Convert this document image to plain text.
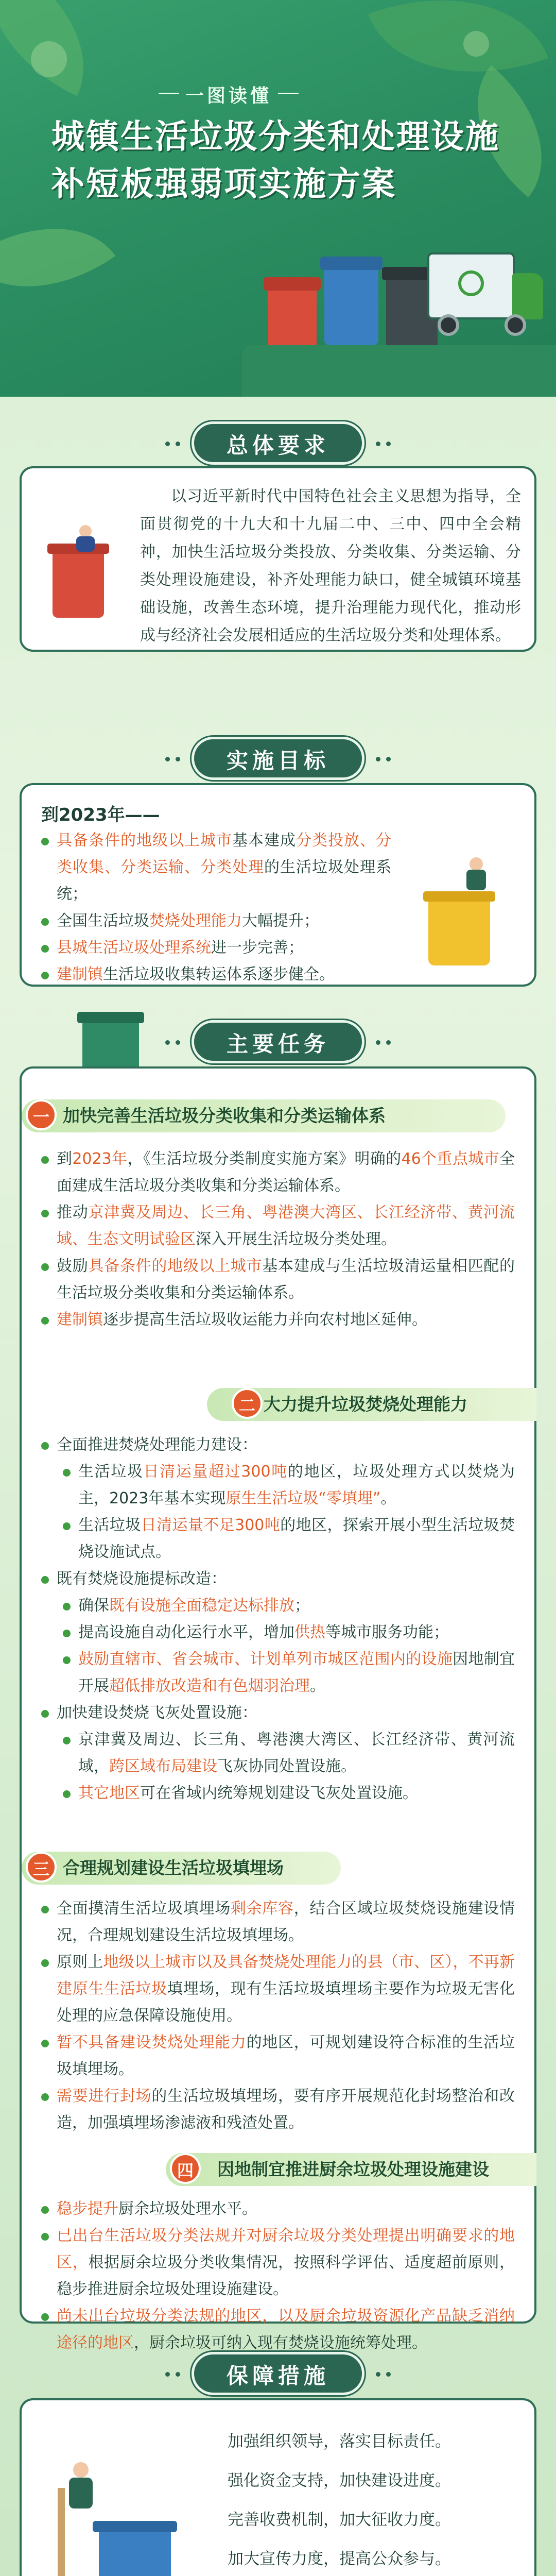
一图读懂
城镇生活垃圾分类和处理设施补短板强弱项实施方案
总体要求
以习近平新时代中国特色社会主义思想为指导，全面贯彻党的十九大和十九届二中、三中、四中全会精神，加快生活垃圾分类投放、分类收集、分类运输、分类处理设施建设，补齐处理能力缺口，健全城镇环境基础设施，改善生态环境，提升治理能力现代化，推动形成与经济社会发展相适应的生活垃圾分类和处理体系。
实施目标
到2023年——
具备条件的地级以上城市基本建成分类投放、分类收集、分类运输、分类处理的生活垃圾处理系统；
全国生活垃圾焚烧处理能力大幅提升；
县城生活垃圾处理系统进一步完善；
建制镇生活垃圾收集转运体系逐步健全。
主要任务
加快完善生活垃圾分类收集和分类运输体系
一
到2023年，《生活垃圾分类制度实施方案》明确的46个重点城市全面建成生活垃圾分类收集和分类运输体系。
推动京津冀及周边、长三角、粤港澳大湾区、长江经济带、黄河流域、生态文明试验区深入开展生活垃圾分类处理。
鼓励具备条件的地级以上城市基本建成与生活垃圾清运量相匹配的生活垃圾分类收集和分类运输体系。
建制镇逐步提高生活垃圾收运能力并向农村地区延伸。
大力提升垃圾焚烧处理能力
二
全面推进焚烧处理能力建设：
生活垃圾日清运量超过300吨的地区，垃圾处理方式以焚烧为主，2023年基本实现原生生活垃圾“零填埋”。
生活垃圾日清运量不足300吨的地区，探索开展小型生活垃圾焚烧设施试点。
既有焚烧设施提标改造：
确保既有设施全面稳定达标排放；
提高设施自动化运行水平，增加供热等城市服务功能；
鼓励直辖市、省会城市、计划单列市城区范围内的设施因地制宜开展超低排放改造和有色烟羽治理。
加快建设焚烧飞灰处置设施：
京津冀及周边、长三角、粤港澳大湾区、长江经济带、黄河流域，跨区域布局建设飞灰协同处置设施。
其它地区可在省域内统筹规划建设飞灰处置设施。
合理规划建设生活垃圾填埋场
三
全面摸清生活垃圾填埋场剩余库容，结合区域垃圾焚烧设施建设情况，合理规划建设生活垃圾填埋场。
原则上地级以上城市以及具备焚烧处理能力的县（市、区），不再新建原生生活垃圾填埋场，现有生活垃圾填埋场主要作为垃圾无害化处理的应急保障设施使用。
暂不具备建设焚烧处理能力的地区，可规划建设符合标准的生活垃圾填埋场。
需要进行封场的生活垃圾填埋场，要有序开展规范化封场整治和改造，加强填埋场渗滤液和残渣处置。
因地制宜推进厨余垃圾处理设施建设
四
稳步提升厨余垃圾处理水平。
已出台生活垃圾分类法规并对厨余垃圾分类处理提出明确要求的地区，根据厨余垃圾分类收集情况，按照科学评估、适度超前原则，稳步推进厨余垃圾处理设施建设。
尚未出台垃圾分类法规的地区，以及厨余垃圾资源化产品缺乏消纳途径的地区，厨余垃圾可纳入现有焚烧设施统筹处理。
保障措施
加强组织领导，落实目标责任。
强化资金支持，加快建设进度。
完善收费机制，加大征收力度。
加大宣传力度，提高公众参与。
